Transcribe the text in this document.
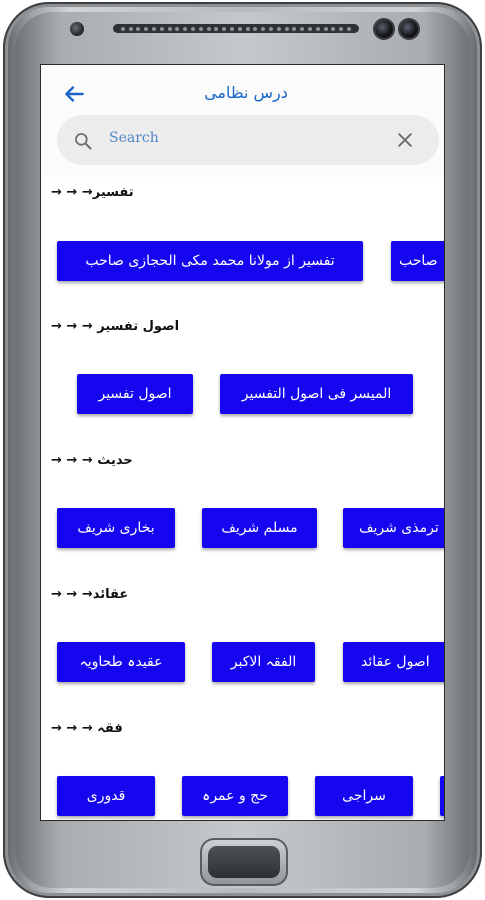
درس نظامی
Search
→ → →تفسیر
تفسیر از مولانا محمد مکی الحجازی صاحب	صاحب
→ → → اصول تفسیر
اصول تفسیر	المیسر فی اصول التفسیر
→ → → حدیث
بخاری شریف	مسلم شریف	ترمذی شریف
→ → →عقائد
عقیدہ طحاویہ	الفقہ الاکبر	اصول عقائد
→ → → فقہ
قدوری	حج و عمرہ	سراجی
